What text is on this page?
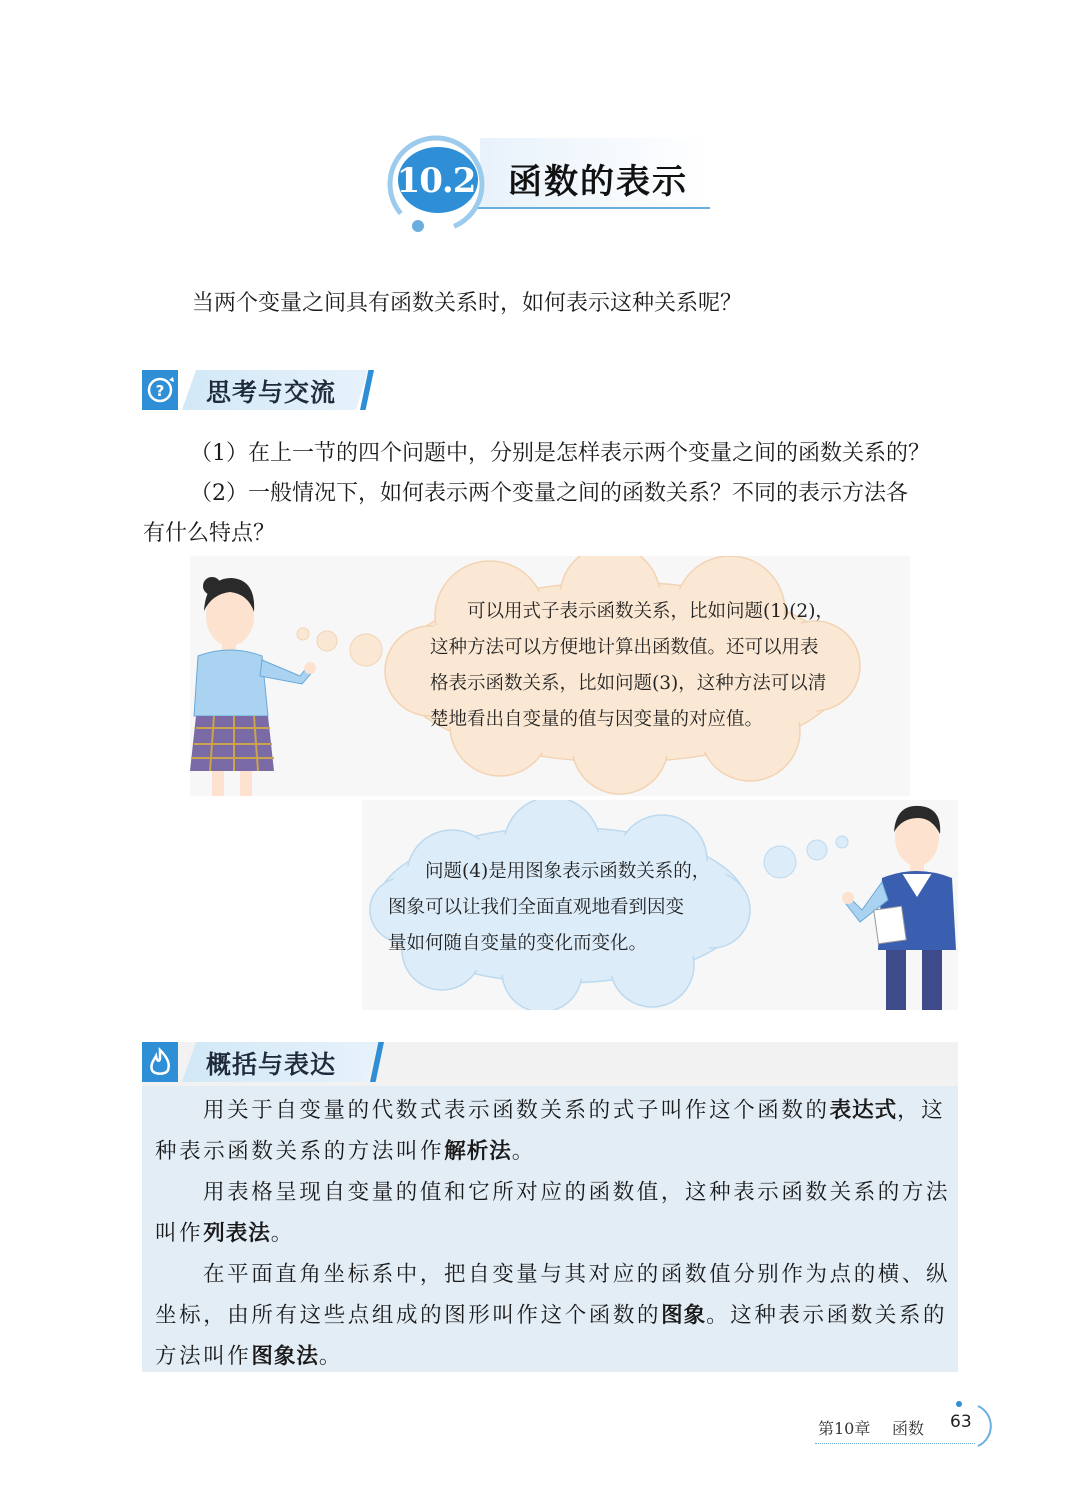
10.2 函数的表示
当两个变量之间具有函数关系时，如何表示这种关系呢？
? 思考与交流
（1）在上一节的四个问题中，分别是怎样表示两个变量之间的函数关系的？
（2）一般情况下，如何表示两个变量之间的函数关系？不同的表示方法各
有什么特点？
　　可以用式子表示函数关系，比如问题(1)(2)，
这种方法可以方便地计算出函数值。还可以用表
格表示函数关系，比如问题(3)，这种方法可以清
楚地看出自变量的值与因变量的对应值。
　　问题(4)是用图象表示函数关系的，
图象可以让我们全面直观地看到因变
量如何随自变量的变化而变化。
概括与表达
用关于自变量的代数式表示函数关系的式子叫作这个函数的表达式，这
种表示函数关系的方法叫作解析法。
用表格呈现自变量的值和它所对应的函数值，这种表示函数关系的方法
叫作列表法。
在平面直角坐标系中，把自变量与其对应的函数值分别作为点的横、纵
坐标，由所有这些点组成的图形叫作这个函数的图象。这种表示函数关系的
方法叫作图象法。
第10章 函数 63
